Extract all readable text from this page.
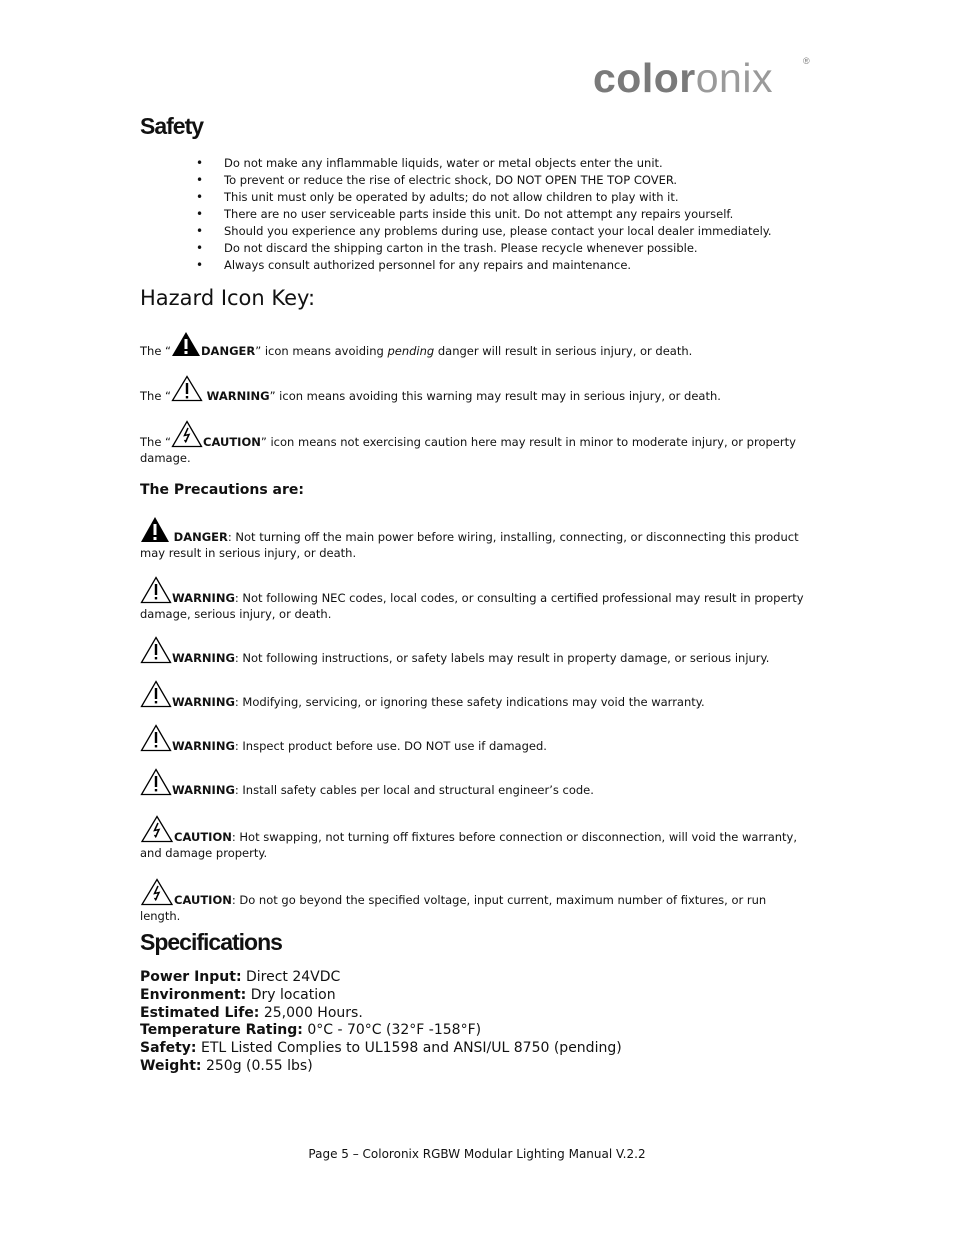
coloronix	®
Safety
• Do not make any inflammable liquids, water or metal objects enter the unit.
• To prevent or reduce the rise of electric shock, DO NOT OPEN THE TOP COVER.
• This unit must only be operated by adults; do not allow children to play with it.
• There are no user serviceable parts inside this unit. Do not attempt any repairs yourself.
• Should you experience any problems during use, please contact your local dealer immediately.
• Do not discard the shipping carton in the trash. Please recycle whenever possible.
• Always consult authorized personnel for any repairs and maintenance.
Hazard Icon Key:

The “	DANGER” icon means avoiding pending danger will result in serious injury, or death.

The “	WARNING” icon means avoiding this warning may result may in serious injury, or death.

The “	CAUTION” icon means not exercising caution here may result in minor to moderate injury, or property damage.

The Precautions are:

DANGER: Not turning off the main power before wiring, installing, connecting, or disconnecting this product may result in serious injury, or death.

WARNING: Not following NEC codes, local codes, or consulting a certified professional may result in property damage, serious injury, or death.

WARNING: Not following instructions, or safety labels may result in property damage, or serious injury.

WARNING: Modifying, servicing, or ignoring these safety indications may void the warranty.

WARNING: Inspect product before use. DO NOT use if damaged.

WARNING: Install safety cables per local and structural engineer’s code.

CAUTION: Hot swapping, not turning off fixtures before connection or disconnection, will void the warranty, and damage property.

CAUTION: Do not go beyond the specified voltage, input current, maximum number of fixtures, or run length.

Specifications
Power Input: Direct 24VDC
Environment: Dry location
Estimated Life: 25,000 Hours.
Temperature Rating: 0°C - 70°C (32°F -158°F)
Safety: ETL Listed Complies to UL1598 and ANSI/UL 8750 (pending)
Weight: 250g (0.55 lbs)
Page 5 – Coloronix RGBW Modular Lighting Manual V.2.2
